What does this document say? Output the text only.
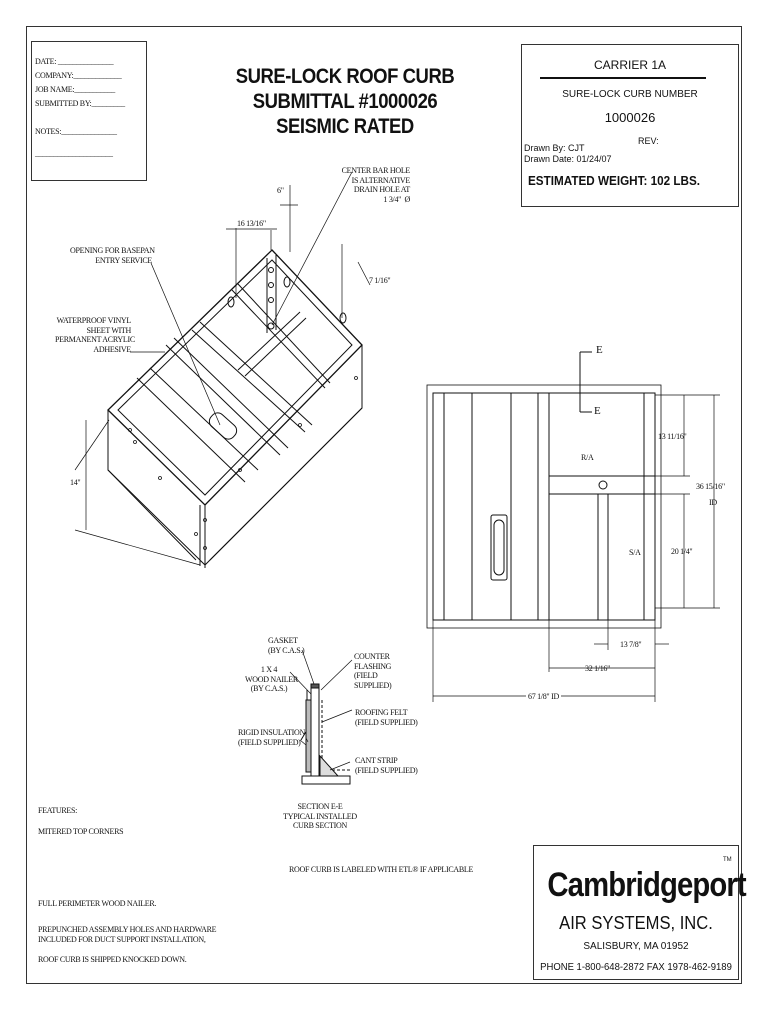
DATE: _______________
COMPANY:_____________
JOB NAME:___________
SUBMITTED BY:_________
NOTES:_______________
_____________________
SURE-LOCK ROOF CURB
SUBMITTAL #1000026
SEISMIC RATED
CARRIER 1A
SURE-LOCK CURB NUMBER
1000026
REV:
Drawn By: CJT
Drawn Date: 01/24/07
ESTIMATED WEIGHT: 102 LBS.
6"
16 13/16"
7 1/16"
14"
CENTER BAR HOLE
IS ALTERNATIVE
DRAIN HOLE AT
1 3/4"  Ø
OPENING FOR BASEPAN
ENTRY SERVICE
WATERPROOF VINYL
SHEET WITH
PERMANENT ACRYLIC
ADHESIVE	E
E
R/A
S/A
13 11/16"
36 15/16"
ID
20 1/4"
13 7/8"
32 1/16"
67 1/8" ID
GASKET
(BY C.A.S.)
1 X 4
WOOD NAILER
(BY C.A.S.)
COUNTER
FLASHING
(FIELD
SUPPLIED)
ROOFING FELT
(FIELD SUPPLIED)
RIGID INSULATION
(FIELD SUPPLIED)
CANT STRIP
(FIELD SUPPLIED)
SECTION E-E
TYPICAL INSTALLED
CURB SECTION
FEATURES:
MITERED TOP CORNERS
ROOF CURB IS LABELED WITH ETL® IF APPLICABLE
FULL PERIMETER WOOD NAILER.
PREPUNCHED ASSEMBLY HOLES AND HARDWARE
INCLUDED FOR DUCT SUPPORT INSTALLATION,
ROOF CURB IS SHIPPED KNOCKED DOWN.
TM
Cambridgeport
AIR SYSTEMS, INC.
SALISBURY, MA 01952
PHONE 1-800-648-2872 FAX 1978-462-9189
